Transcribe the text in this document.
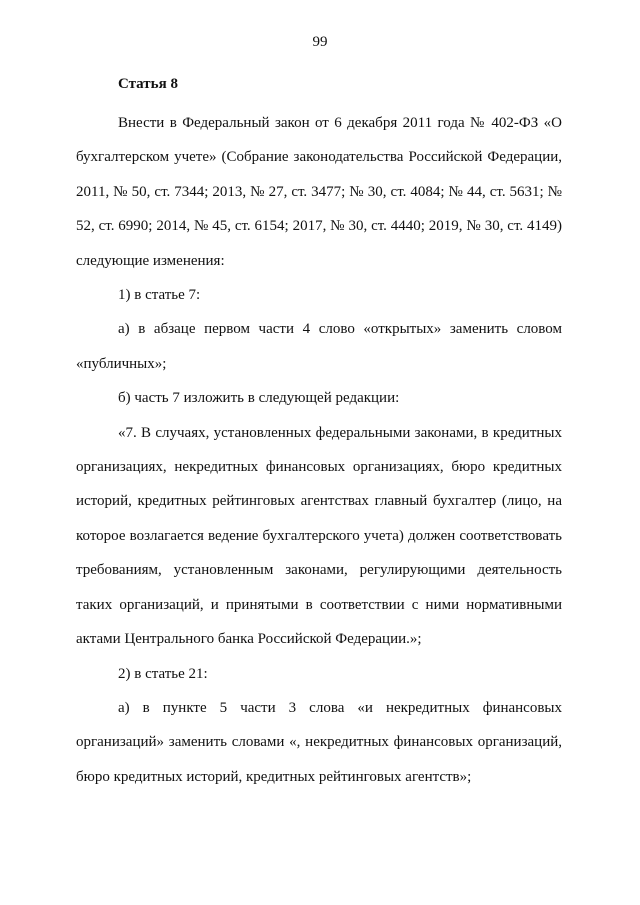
99
Статья 8

Внести в Федеральный закон от 6 декабря 2011 года № 402-ФЗ «О бухгалтерском учете» (Собрание законодательства Российской Федерации, 2011, № 50, ст. 7344; 2013, № 27, ст. 3477; № 30, ст. 4084; № 44, ст. 5631; № 52, ст. 6990; 2014, № 45, ст. 6154; 2017, № 30, ст. 4440; 2019, № 30, ст. 4149) следующие изменения:

1) в статье 7:

а) в абзаце первом части 4 слово «открытых» заменить словом «публичных»;

б) часть 7 изложить в следующей редакции:

«7. В случаях, установленных федеральными законами, в кредитных организациях, некредитных финансовых организациях, бюро кредитных историй, кредитных рейтинговых агентствах главный бухгалтер (лицо, на которое возлагается ведение бухгалтерского учета) должен соответствовать требованиям, установленным законами, регулирующими деятельность таких организаций, и принятыми в соответствии с ними нормативными актами Центрального банка Российской Федерации.»;

2) в статье 21:

а) в пункте 5 части 3 слова «и некредитных финансовых организаций» заменить словами «, некредитных финансовых организаций, бюро кредитных историй, кредитных рейтинговых агентств»;
